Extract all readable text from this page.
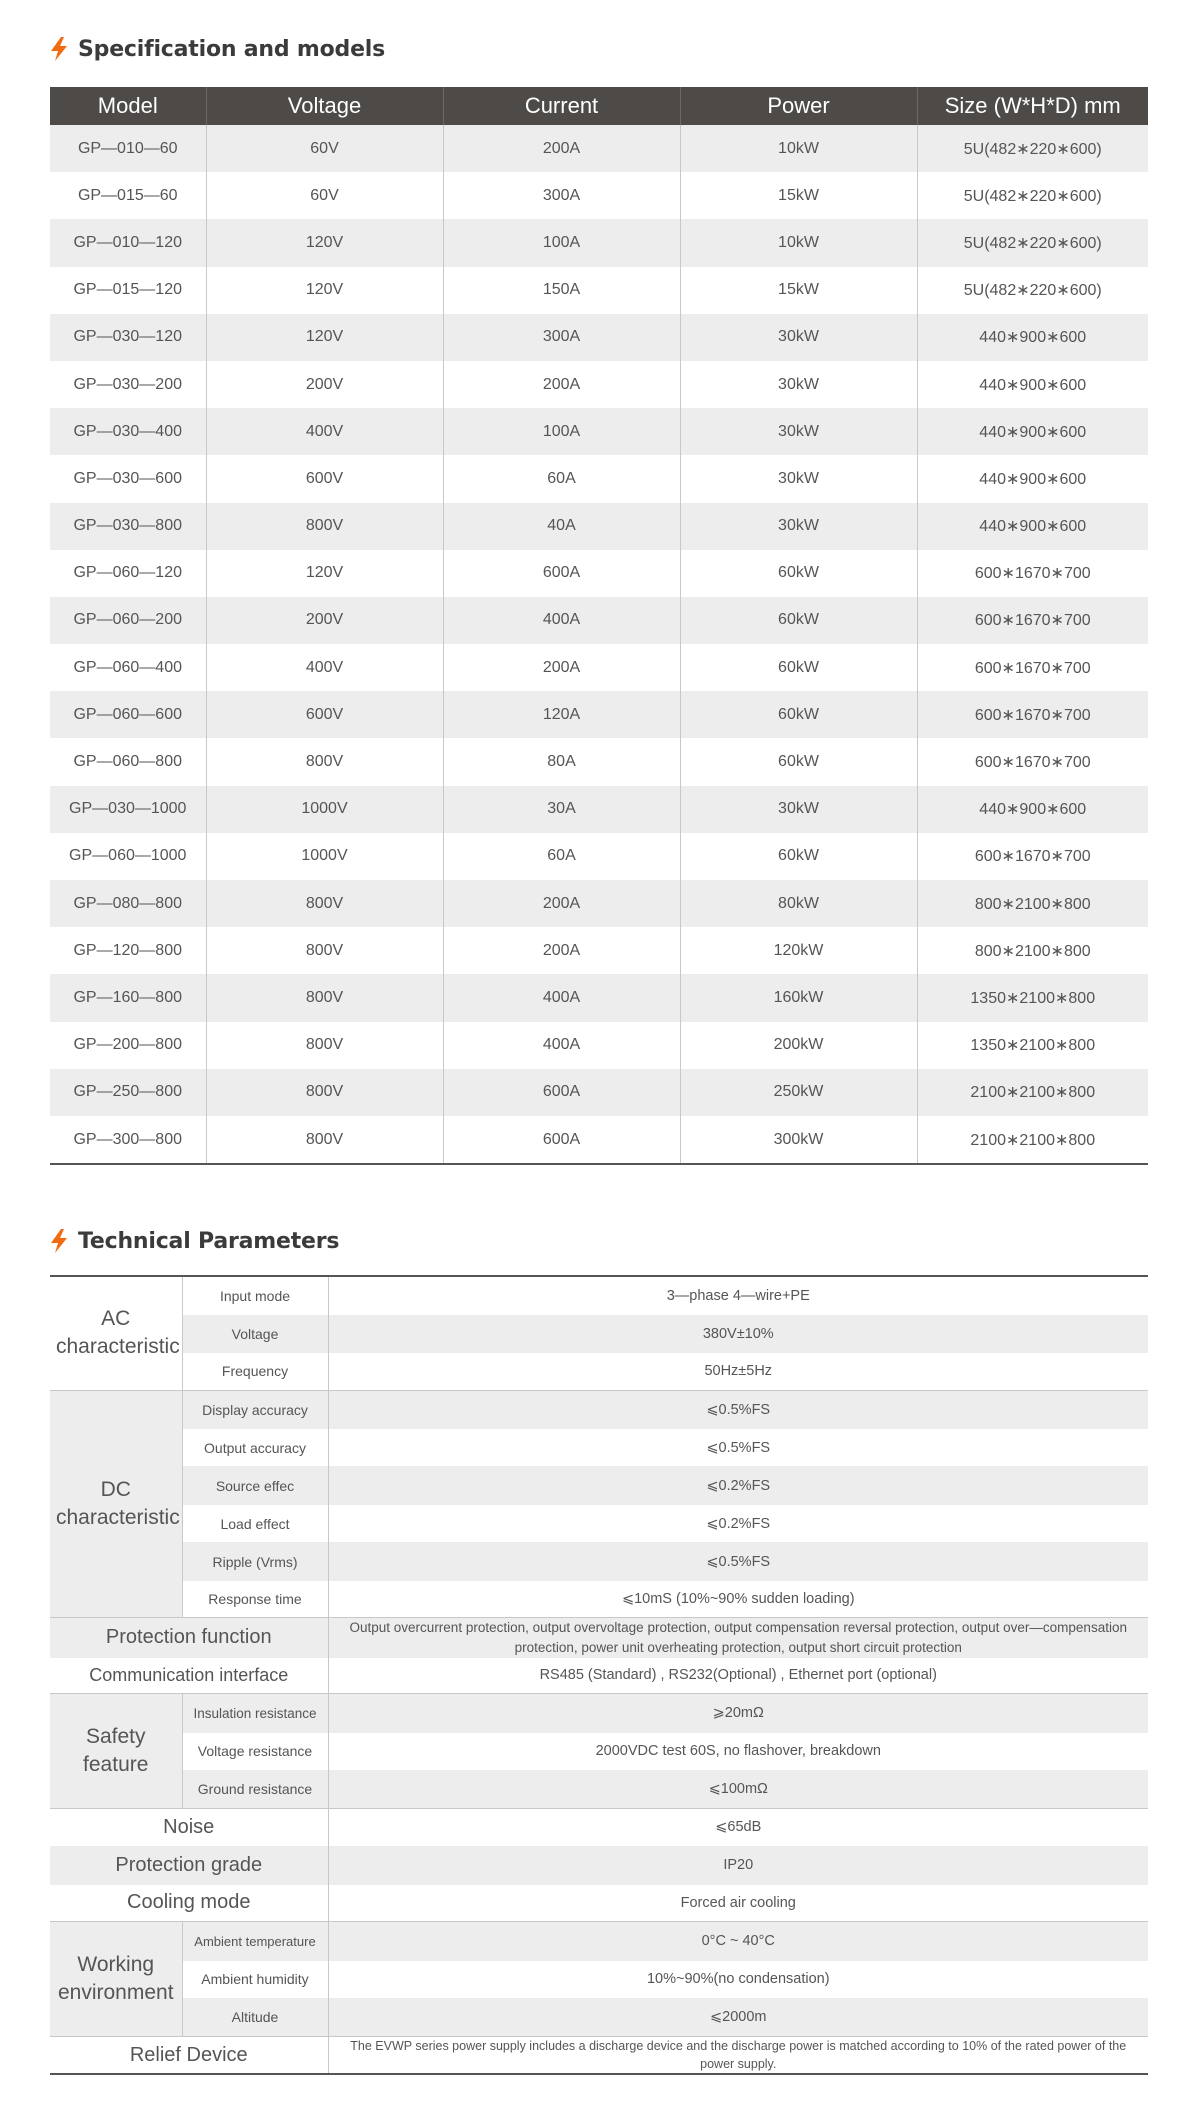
Specification and models
Model	Voltage	Current	Power	Size (W*H*D) mm
GP—010—60	60V	200A	10kW	5U(482∗220∗600)
GP—015—60	60V	300A	15kW	5U(482∗220∗600)
GP—010—120	120V	100A	10kW	5U(482∗220∗600)
GP—015—120	120V	150A	15kW	5U(482∗220∗600)
GP—030—120	120V	300A	30kW	440∗900∗600
GP—030—200	200V	200A	30kW	440∗900∗600
GP—030—400	400V	100A	30kW	440∗900∗600
GP—030—600	600V	60A	30kW	440∗900∗600
GP—030—800	800V	40A	30kW	440∗900∗600
GP—060—120	120V	600A	60kW	600∗1670∗700
GP—060—200	200V	400A	60kW	600∗1670∗700
GP—060—400	400V	200A	60kW	600∗1670∗700
GP—060—600	600V	120A	60kW	600∗1670∗700
GP—060—800	800V	80A	60kW	600∗1670∗700
GP—030—1000	1000V	30A	30kW	440∗900∗600
GP—060—1000	1000V	60A	60kW	600∗1670∗700
GP—080—800	800V	200A	80kW	800∗2100∗800
GP—120—800	800V	200A	120kW	800∗2100∗800
GP—160—800	800V	400A	160kW	1350∗2100∗800
GP—200—800	800V	400A	200kW	1350∗2100∗800
GP—250—800	800V	600A	250kW	2100∗2100∗800
GP—300—800	800V	600A	300kW	2100∗2100∗800
Technical Parameters
AC characteristic	Input mode	3—phase 4—wire+PE
	Voltage	380V±10%
	Frequency	50Hz±5Hz
DC characteristic	Display accuracy	⩽0.5%FS
	Output accuracy	⩽0.5%FS
	Source effec	⩽0.2%FS
	Load effect	⩽0.2%FS
	Ripple (Vrms)	⩽0.5%FS
	Response time	⩽10mS (10%~90% sudden loading)
Protection function		Output overcurrent protection, output overvoltage protection, output compensation reversal protection, output over—compensation protection, power unit overheating protection, output short circuit protection
Communication interface		RS485 (Standard) , RS232(Optional) , Ethernet port (optional)
Safety feature	Insulation resistance	⩾20mΩ
	Voltage resistance	2000VDC test 60S, no flashover, breakdown
	Ground resistance	⩽100mΩ
Noise		⩽65dB
Protection grade		IP20
Cooling mode		Forced air cooling
Working environment	Ambient temperature	0°C ~ 40°C
	Ambient humidity	10%~90%(no condensation)
	Altitude	⩽2000m
Relief Device		The EVWP series power supply includes a discharge device and the discharge power is matched according to 10% of the rated power of the power supply.
